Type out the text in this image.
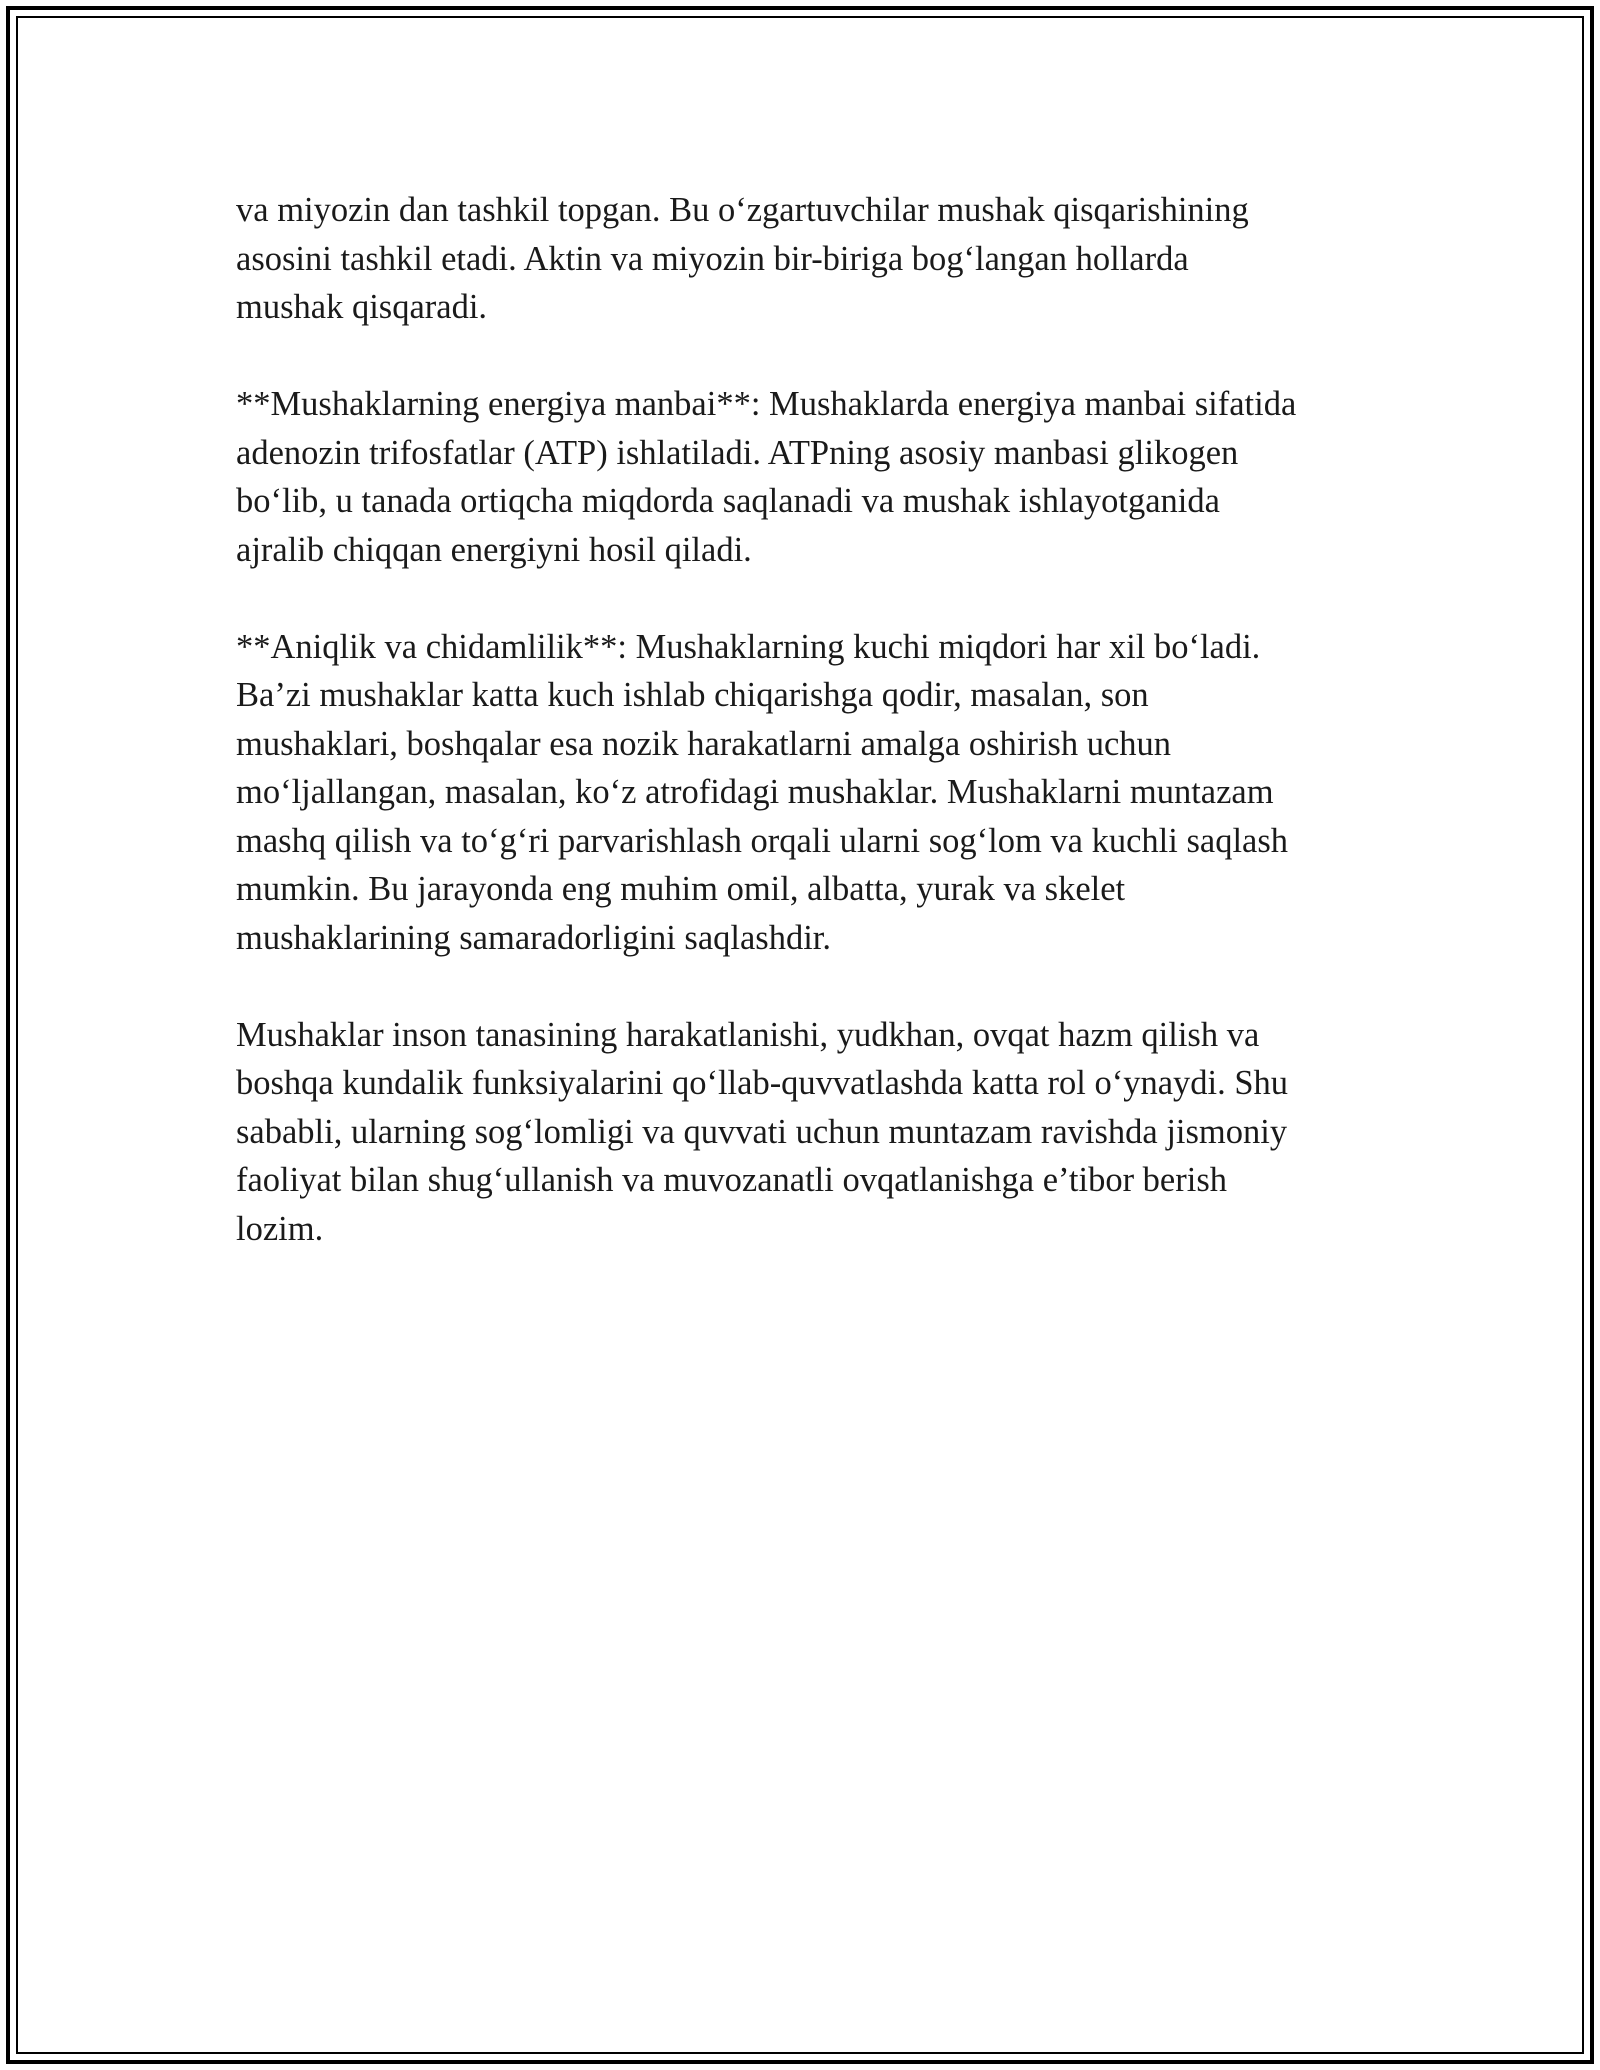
va miyozin dan tashkil topgan. Bu oʻzgartuvchilar mushak qisqarishining
asosini tashkil etadi. Aktin va miyozin bir-biriga bogʻlangan hollarda
mushak qisqaradi.

**Mushaklarning energiya manbai**: Mushaklarda energiya manbai sifatida
adenozin trifosfatlar (ATP) ishlatiladi. ATPning asosiy manbasi glikogen
boʻlib, u tanada ortiqcha miqdorda saqlanadi va mushak ishlayotganida
ajralib chiqqan energiyni hosil qiladi.

**Aniqlik va chidamlilik**: Mushaklarning kuchi miqdori har xil boʻladi.
Ba’zi mushaklar katta kuch ishlab chiqarishga qodir, masalan, son
mushaklari, boshqalar esa nozik harakatlarni amalga oshirish uchun
moʻljallangan, masalan, koʻz atrofidagi mushaklar. Mushaklarni muntazam
mashq qilish va toʻgʻri parvarishlash orqali ularni sogʻlom va kuchli saqlash
mumkin. Bu jarayonda eng muhim omil, albatta, yurak va skelet
mushaklarining samaradorligini saqlashdir.

Mushaklar inson tanasining harakatlanishi, yudkhan, ovqat hazm qilish va
boshqa kundalik funksiyalarini qoʻllab-quvvatlashda katta rol oʻynaydi. Shu
sababli, ularning sogʻlomligi va quvvati uchun muntazam ravishda jismoniy
faoliyat bilan shugʻullanish va muvozanatli ovqatlanishga e’tibor berish
lozim.
